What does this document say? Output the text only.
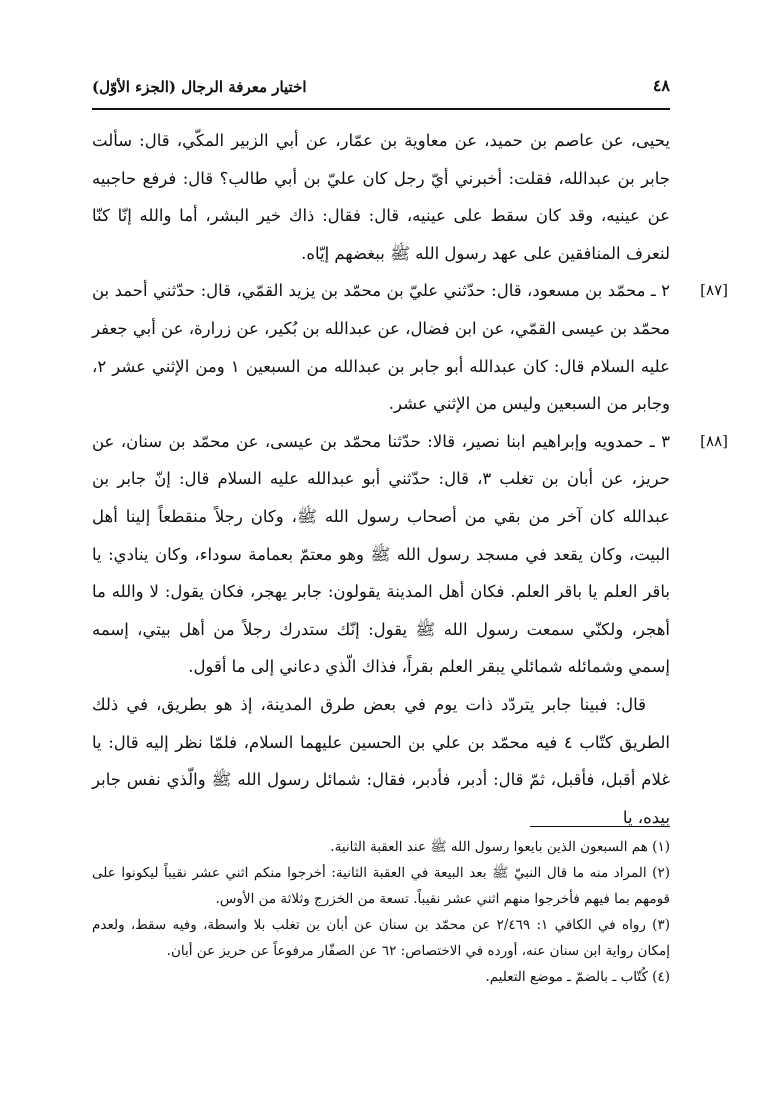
٤٨
اختيار معرفة الرجال (الجزء الأوّل)

يحيى، عن عاصم بن حميد، عن معاوية بن عمّار، عن أبي الزبير المكّي، قال: سألت جابر بن عبدالله، فقلت: أخبرني أيّ رجل كان عليّ بن أبي طالب؟ قال: فرفع حاجبيه عن عينيه، وقد كان سقط على عينيه، قال: فقال: ذاك خير البشر، أما والله إنّا كنّا لنعرف المنافقين على عهد رسول الله ﷺ ببغضهم إيّاه.

[٨٧]
٢ ـ محمّد بن مسعود، قال: حدّثني عليّ بن محمّد بن يزيد القمّي، قال: حدّثني أحمد بن محمّد بن عيسى القمّي، عن ابن فضال، عن عبدالله بن بُكير، عن زرارة، عن أبي جعفر عليه السلام قال: كان عبدالله أبو جابر بن عبدالله من السبعين ١ ومن الإثني عشر ٢، وجابر من السبعين وليس من الإثني عشر.

[٨٨]
٣ ـ حمدويه وإبراهيم ابنا نصير، قالا: حدّثنا محمّد بن عيسى، عن محمّد بن سنان، عن حريز، عن أبان بن تغلب ٣، قال: حدّثني أبو عبدالله عليه السلام قال: إنّ جابر بن عبدالله كان آخر من بقي من أصحاب رسول الله ﷺ، وكان رجلاً منقطعاً إلينا أهل البيت، وكان يقعد في مسجد رسول الله ﷺ وهو معتمّ بعمامة سوداء، وكان ينادي: يا باقر العلم يا باقر العلم. فكان أهل المدينة يقولون: جابر يهجر، فكان يقول: لا والله ما أهجر، ولكنّي سمعت رسول الله ﷺ يقول: إنّك ستدرك رجلاً من أهل بيتي، إسمه إسمي وشمائله شمائلي يبقر العلم بقراً، فذاك الّذي دعاني إلى ما أقول.

قال: فبينا جابر يتردّد ذات يوم في بعض طرق المدينة، إذ هو بطريق، في ذلك الطريق كتّاب ٤ فيه محمّد بن علي بن الحسين عليهما السلام، فلمّا نظر إليه قال: يا غلام أقبل، فأقبل، ثمّ قال: أدبر، فأدبر، فقال: شمائل رسول الله ﷺ والّذي نفس جابر بيده، يا

(١) هم السبعون الذين بايعوا رسول الله ﷺ عند العقبة الثانية.

(٢) المراد منه ما قال النبيّ ﷺ بعد البيعة في العقبة الثانية: أخرجوا منكم اثني عشر نقيباً ليكونوا على قومهم بما فيهم فأخرجوا منهم اثني عشر نقيباً. تسعة من الخزرج وثلاثة من الأوس.

(٣) رواه في الكافي ١: ٢/٤٦٩ عن محمّد بن سنان عن أبان بن تغلب بلا واسطة، وفيه سقط، ولعدم إمكان رواية ابن سنان عنه، أورده في الاختصاص: ٦٢ عن الصفّار مرفوعاً عن حريز عن أبان.

(٤) كُتّاب ـ بالضمّ ـ موضع التعليم.
